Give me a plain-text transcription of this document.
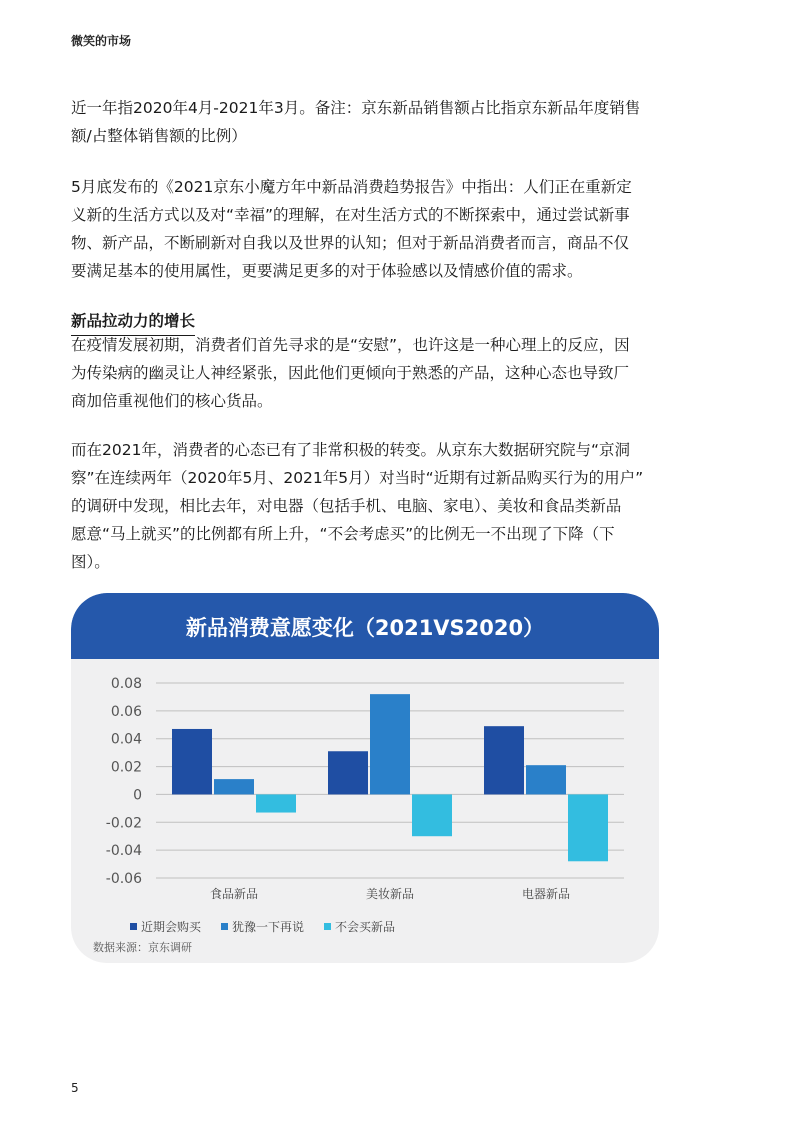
微笑的市场
近一年指2020年4月-2021年3月。备注：京东新品销售额占比指京东新品年度销售
额/占整体销售额的比例）
5月底发布的《2021京东小魔方年中新品消费趋势报告》中指出：人们正在重新定
义新的生活方式以及对“幸福”的理解，在对生活方式的不断探索中，通过尝试新事
物、新产品，不断刷新对自我以及世界的认知；但对于新品消费者而言，商品不仅
要满足基本的使用属性，更要满足更多的对于体验感以及情感价值的需求。
新品拉动力的增长
在疫情发展初期，消费者们首先寻求的是“安慰”，也许这是一种心理上的反应，因
为传染病的幽灵让人神经紧张，因此他们更倾向于熟悉的产品，这种心态也导致厂
商加倍重视他们的核心货品。
而在2021年，消费者的心态已有了非常积极的转变。从京东大数据研究院与“京洞
察”在连续两年（2020年5月、2021年5月）对当时“近期有过新品购买行为的用户”
的调研中发现，相比去年，对电器（包括手机、电脑、家电）、美妆和食品类新品
愿意“马上就买”的比例都有所上升，“不会考虑买”的比例无一不出现了下降（下
图）。
新品消费意愿变化（2021VS2020）
0.08
0.06
0.04
0.02
0
-0.02
-0.04
-0.06
食品新品	美妆新品	电器新品
近期会购买	犹豫一下再说	不会买新品
数据来源：京东调研
5
